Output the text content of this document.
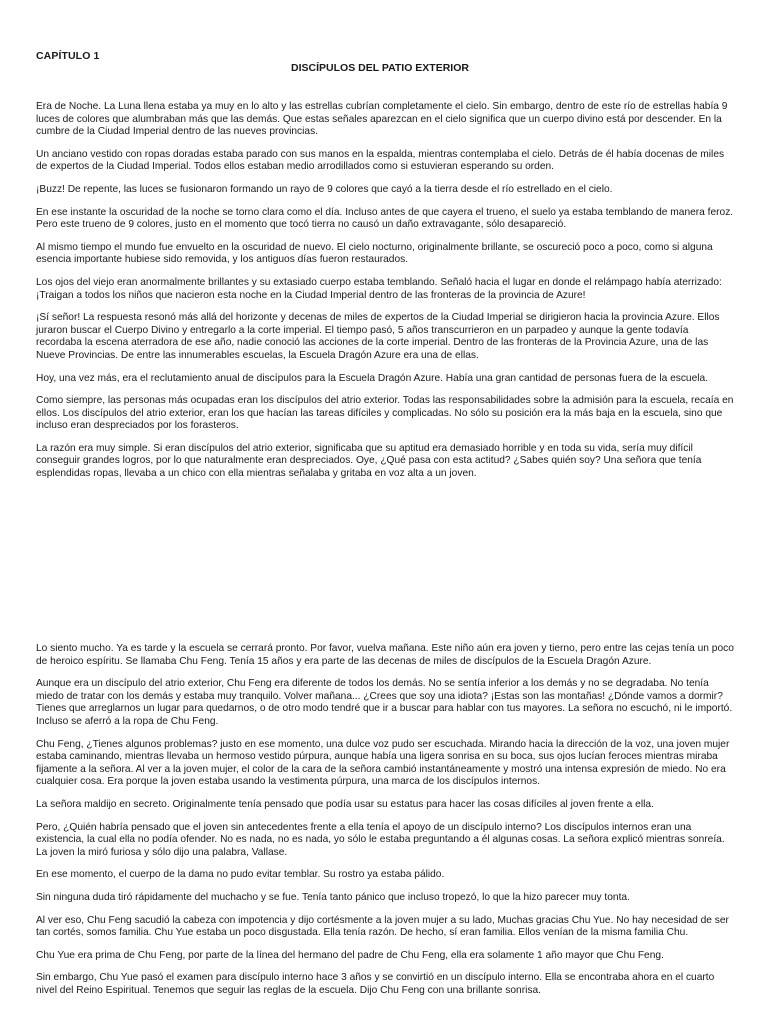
CAPÍTULO 1
DISCÍPULOS DEL PATIO EXTERIOR

Era de Noche. La Luna llena estaba ya muy en lo alto y las estrellas cubrían completamente el cielo. Sin embargo, dentro de este río de estrellas había 9 luces de colores que alumbraban más que las demás. Que estas señales aparezcan en el cielo significa que un cuerpo divino está por descender. En la cumbre de la Ciudad Imperial dentro de las nueves provincias.

Un anciano vestido con ropas doradas estaba parado con sus manos en la espalda, mientras contemplaba el cielo. Detrás de él había docenas de miles de expertos de la Ciudad Imperial. Todos ellos estaban medio arrodillados como si estuvieran esperando su orden.

¡Buzz! De repente, las luces se fusionaron formando un rayo de 9 colores que cayó a la tierra desde el río estrellado en el cielo.

En ese instante la oscuridad de la noche se torno clara como el día. Incluso antes de que cayera el trueno, el suelo ya estaba temblando de manera feroz. Pero este trueno de 9 colores, justo en el momento que tocó tierra no causó un daño extravagante, sólo desapareció.

Al mismo tiempo el mundo fue envuelto en la oscuridad de nuevo. El cielo nocturno, originalmente brillante, se oscureció poco a poco, como si alguna esencia importante hubiese sido removida, y los antiguos días fueron restaurados.

Los ojos del viejo eran anormalmente brillantes y su extasiado cuerpo estaba temblando. Señaló hacia el lugar en donde el relámpago había aterrizado: ¡Traigan a todos los niños que nacieron esta noche en la Ciudad Imperial dentro de las fronteras de la provincia de Azure!

¡Sí señor! La respuesta resonó más allá del horizonte y decenas de miles de expertos de la Ciudad Imperial se dirigieron hacia la provincia Azure. Ellos juraron buscar el Cuerpo Divino y entregarlo a la corte imperial. El tiempo pasó, 5 años transcurrieron en un parpadeo y aunque la gente todavía recordaba la escena aterradora de ese año, nadie conoció las acciones de la corte imperial. Dentro de las fronteras de la Provincia Azure, una de las Nueve Provincias. De entre las innumerables escuelas, la Escuela Dragón Azure era una de ellas.

Hoy, una vez más, era el reclutamiento anual de discípulos para la Escuela Dragón Azure. Había una gran cantidad de personas fuera de la escuela.

Como siempre, las personas más ocupadas eran los discípulos del atrio exterior. Todas las responsabilidades sobre la admisión para la escuela, recaía en ellos. Los discípulos del atrio exterior, eran los que hacían las tareas difíciles y complicadas. No sólo su posición era la más baja en la escuela, sino que incluso eran despreciados por los forasteros.

La razón era muy simple. Si eran discípulos del atrio exterior, significaba que su aptitud era demasiado horrible y en toda su vida, sería muy difícil conseguir grandes logros, por lo que naturalmente eran despreciados. Oye, ¿Qué pasa con esta actitud? ¿Sabes quién soy? Una señora que tenía esplendidas ropas, llevaba a un chico con ella mientras señalaba y gritaba en voz alta a un joven.

Lo siento mucho. Ya es tarde y la escuela se cerrará pronto. Por favor, vuelva mañana. Este niño aún era joven y tierno, pero entre las cejas tenía un poco de heroico espíritu. Se llamaba Chu Feng. Tenía 15 años y era parte de las decenas de miles de discípulos de la Escuela Dragón Azure.

Aunque era un discípulo del atrio exterior, Chu Feng era diferente de todos los demás. No se sentía inferior a los demás y no se degradaba. No tenía miedo de tratar con los demás y estaba muy tranquilo. Volver mañana... ¿Crees que soy una idiota? ¡Estas son las montañas! ¿Dónde vamos a dormir? Tienes que arreglarnos un lugar para quedarnos, o de otro modo tendré que ir a buscar para hablar con tus mayores. La señora no escuchó, ni le importó. Incluso se aferró a la ropa de Chu Feng.

Chu Feng, ¿Tienes algunos problemas? justo en ese momento, una dulce voz pudo ser escuchada. Mirando hacia la dirección de la voz, una joven mujer estaba caminando, mientras llevaba un hermoso vestido púrpura, aunque había una ligera sonrisa en su boca, sus ojos lucían feroces mientras miraba fijamente a la señora. Al ver a la joven mujer, el color de la cara de la señora cambió instantáneamente y mostró una intensa expresión de miedo. No era cualquier cosa. Era porque la joven estaba usando la vestimenta púrpura, una marca de los discípulos internos.

La señora maldijo en secreto. Originalmente tenía pensado que podía usar su estatus para hacer las cosas difíciles al joven frente a ella.

Pero, ¿Quién habría pensado que el joven sin antecedentes frente a ella tenía el apoyo de un discípulo interno? Los discípulos internos eran una existencia, la cual ella no podía ofender. No es nada, no es nada, yo sólo le estaba preguntando a él algunas cosas. La señora explicó mientras sonreía. La joven la miró furiosa y sólo dijo una palabra, Vallase.

En ese momento, el cuerpo de la dama no pudo evitar temblar. Su rostro ya estaba pálido.

Sin ninguna duda tiró rápidamente del muchacho y se fue. Tenía tanto pánico que incluso tropezó, lo que la hizo parecer muy tonta.

Al ver eso, Chu Feng sacudió la cabeza con impotencia y dijo cortésmente a la joven mujer a su lado, Muchas gracias Chu Yue. No hay necesidad de ser tan cortés, somos familia. Chu Yue estaba un poco disgustada. Ella tenía razón. De hecho, sí eran familia. Ellos venían de la misma familia Chu.

Chu Yue era prima de Chu Feng, por parte de la línea del hermano del padre de Chu Feng, ella era solamente 1 año mayor que Chu Feng.

Sin embargo, Chu Yue pasó el examen para discípulo interno hace 3 años y se convirtió en un discípulo interno. Ella se encontraba ahora en el cuarto nivel del Reino Espiritual. Tenemos que seguir las reglas de la escuela. Dijo Chu Feng con una brillante sonrisa.
